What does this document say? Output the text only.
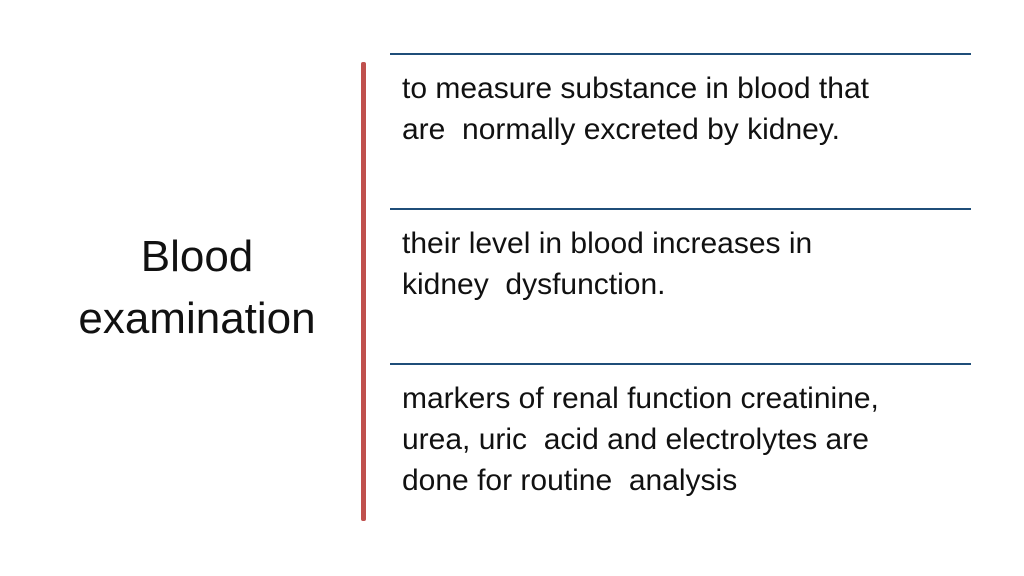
Blood
examination
to measure substance in blood that
are  normally excreted by kidney.
their level in blood increases in
kidney  dysfunction.
markers of renal function creatinine,
urea, uric  acid and electrolytes are
done for routine  analysis
